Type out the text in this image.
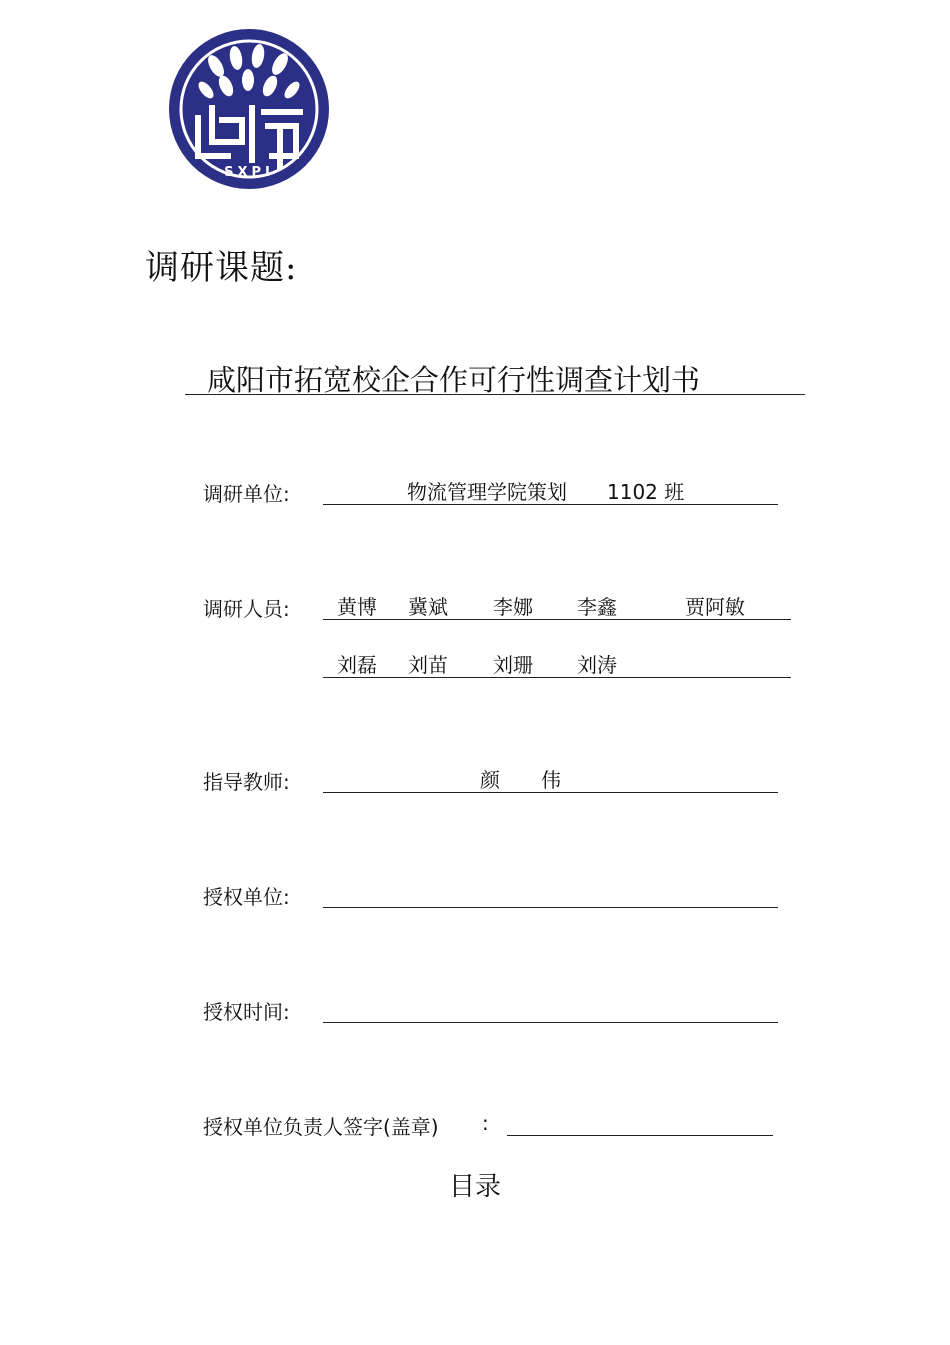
SXPI
调研课题:
咸阳市拓宽校企合作可行性调查计划书
调研单位:	物流管理学院策划 1102 班
调研人员: 黄博 冀斌 李娜 李鑫	贾阿敏
刘磊 刘苗 刘珊 刘涛
指导教师:	颜 伟
授权单位:
授权时间:
授权单位负责人签字(盖章) :
目录
